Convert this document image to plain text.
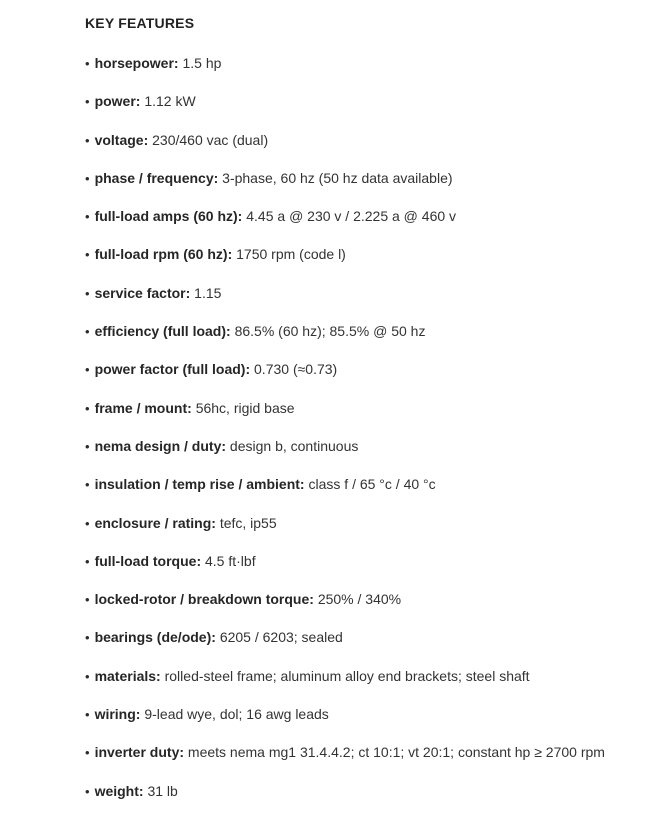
KEY FEATURES
• horsepower: 1.5 hp
• power: 1.12 kW
• voltage: 230/460 vac (dual)
• phase / frequency: 3-phase, 60 hz (50 hz data available)
• full-load amps (60 hz): 4.45 a @ 230 v / 2.225 a @ 460 v
• full-load rpm (60 hz): 1750 rpm (code l)
• service factor: 1.15
• efficiency (full load): 86.5% (60 hz); 85.5% @ 50 hz
• power factor (full load): 0.730 (≈0.73)
• frame / mount: 56hc, rigid base
• nema design / duty: design b, continuous
• insulation / temp rise / ambient: class f / 65 °c / 40 °c
• enclosure / rating: tefc, ip55
• full-load torque: 4.5 ft·lbf
• locked-rotor / breakdown torque: 250% / 340%
• bearings (de/ode): 6205 / 6203; sealed
• materials: rolled-steel frame; aluminum alloy end brackets; steel shaft
• wiring: 9-lead wye, dol; 16 awg leads
• inverter duty: meets nema mg1 31.4.4.2; ct 10:1; vt 20:1; constant hp ≥ 2700 rpm
• weight: 31 lb
